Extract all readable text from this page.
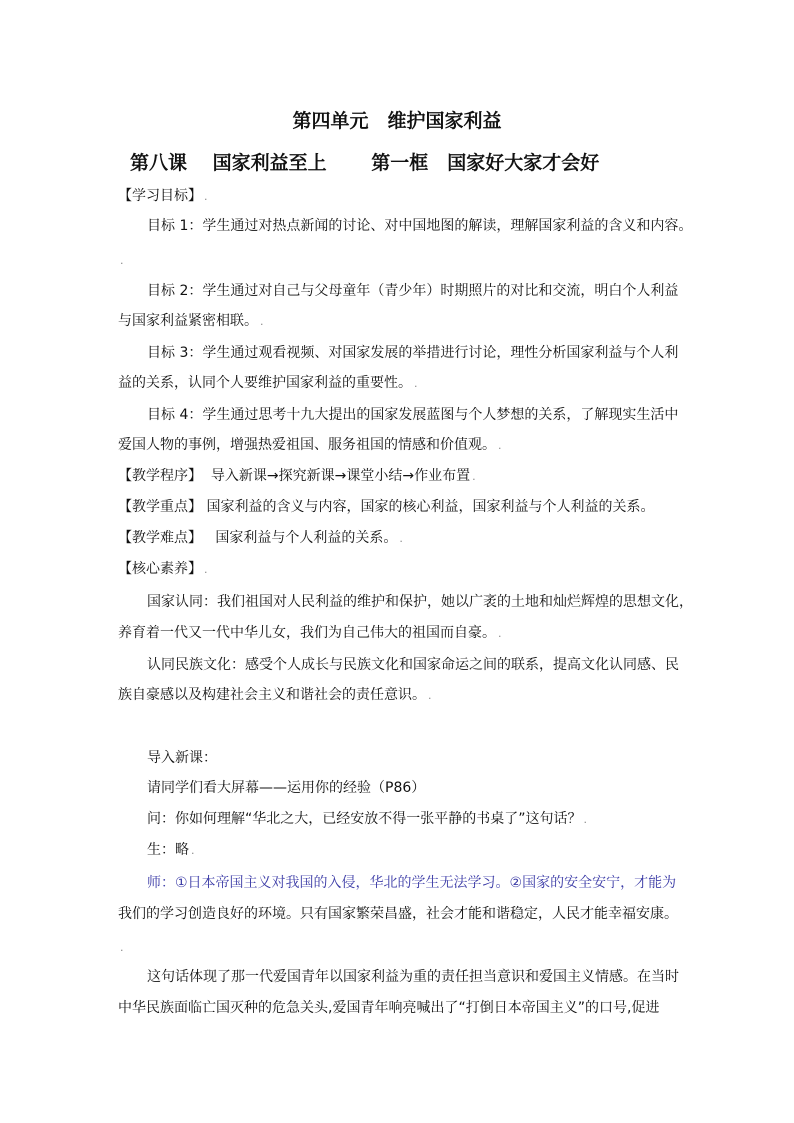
第四单元　维护国家利益
第八课　 国家利益至上　　 第一框　国家好大家才会好
【学习目标】 .
目标 1：学生通过对热点新闻的讨论、对中国地图的解读，理解国家利益的含义和内容。
.
目标 2：学生通过对自己与父母童年（青少年）时期照片的对比和交流，明白个人利益
与国家利益紧密相联。 .
目标 3：学生通过观看视频、对国家发展的举措进行讨论，理性分析国家利益与个人利
益的关系，认同个人要维护国家利益的重要性。 .
目标 4：学生通过思考十九大提出的国家发展蓝图与个人梦想的关系，了解现实生活中
爱国人物的事例，增强热爱祖国、服务祖国的情感和价值观。 .
【教学程序】 导入新课→探究新课→课堂小结→作业布置 .
【教学重点】 国家利益的含义与内容，国家的核心利益，国家利益与个人利益的关系。
【教学难点】 国家利益与个人利益的关系。 .
【核心素养】 .
国家认同：我们祖国对人民利益的维护和保护，她以广袤的土地和灿烂辉煌的思想文化，
养育着一代又一代中华儿女，我们为自己伟大的祖国而自豪。 .
认同民族文化：感受个人成长与民族文化和国家命运之间的联系，提高文化认同感、民
族自豪感以及构建社会主义和谐社会的责任意识。 .
导入新课：
请同学们看大屏幕——运用你的经验（P86）
问：你如何理解“华北之大，已经安放不得一张平静的书桌了”这句话？ .
生：略 .
师：①日本帝国主义对我国的入侵，华北的学生无法学习。②国家的安全安宁，才能为
我们的学习创造良好的环境。只有国家繁荣昌盛，社会才能和谐稳定，人民才能幸福安康。
.
这句话体现了那一代爱国青年以国家利益为重的责任担当意识和爱国主义情感。在当时
中华民族面临亡国灭种的危急关头,爱国青年响亮喊出了“打倒日本帝国主义”的口号,促进
